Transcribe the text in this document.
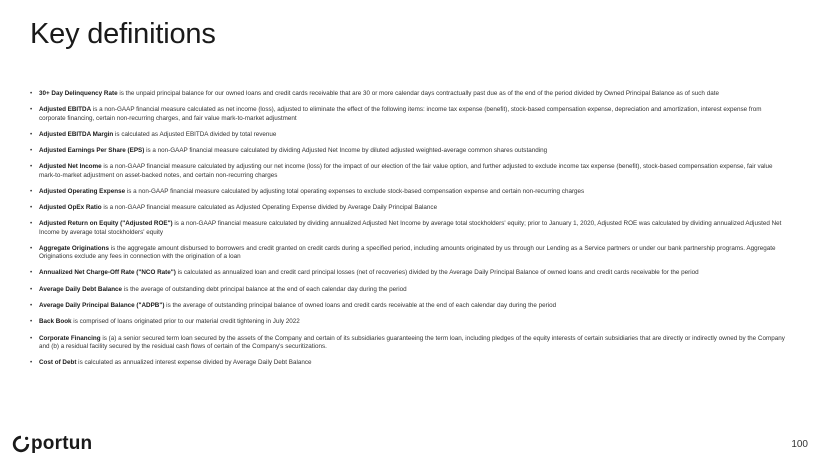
Key definitions
• 30+ Day Delinquency Rate is the unpaid principal balance for our owned loans and credit cards receivable that are 30 or more calendar days contractually past due as of the end of the period divided by Owned Principal Balance as of such date
• Adjusted EBITDA is a non-GAAP financial measure calculated as net income (loss), adjusted to eliminate the effect of the following items: income tax expense (benefit), stock-based compensation expense, depreciation and amortization, interest expense from corporate financing, certain non-recurring charges, and fair value mark-to-market adjustment
• Adjusted EBITDA Margin is calculated as Adjusted EBITDA divided by total revenue
• Adjusted Earnings Per Share (EPS) is a non-GAAP financial measure calculated by dividing Adjusted Net Income by diluted adjusted weighted-average common shares outstanding
• Adjusted Net Income is a non-GAAP financial measure calculated by adjusting our net income (loss) for the impact of our election of the fair value option, and further adjusted to exclude income tax expense (benefit), stock-based compensation expense, fair value mark-to-market adjustment on asset-backed notes, and certain non-recurring charges
• Adjusted Operating Expense is a non-GAAP financial measure calculated by adjusting total operating expenses to exclude stock-based compensation expense and certain non-recurring charges
• Adjusted OpEx Ratio is a non-GAAP financial measure calculated as Adjusted Operating Expense divided by Average Daily Principal Balance
• Adjusted Return on Equity ("Adjusted ROE") is a non-GAAP financial measure calculated by dividing annualized Adjusted Net Income by average total stockholders' equity; prior to January 1, 2020, Adjusted ROE was calculated by dividing annualized Adjusted Net Income by average total stockholders' equity
• Aggregate Originations is the aggregate amount disbursed to borrowers and credit granted on credit cards during a specified period, including amounts originated by us through our Lending as a Service partners or under our bank partnership programs. Aggregate Originations exclude any fees in connection with the origination of a loan
• Annualized Net Charge-Off Rate ("NCO Rate") is calculated as annualized loan and credit card principal losses (net of recoveries) divided by the Average Daily Principal Balance of owned loans and credit cards receivable for the period
• Average Daily Debt Balance is the average of outstanding debt principal balance at the end of each calendar day during the period
• Average Daily Principal Balance ("ADPB") is the average of outstanding principal balance of owned loans and credit cards receivable at the end of each calendar day during the period
• Back Book is comprised of loans originated prior to our material credit tightening in July 2022
• Corporate Financing is (a) a senior secured term loan secured by the assets of the Company and certain of its subsidiaries guaranteeing the term loan, including pledges of the equity interests of certain subsidiaries that are directly or indirectly owned by the Company and (b) a residual facility secured by the residual cash flows of certain of the Company's securitizations.
• Cost of Debt is calculated as annualized interest expense divided by Average Daily Debt Balance
portun	100
